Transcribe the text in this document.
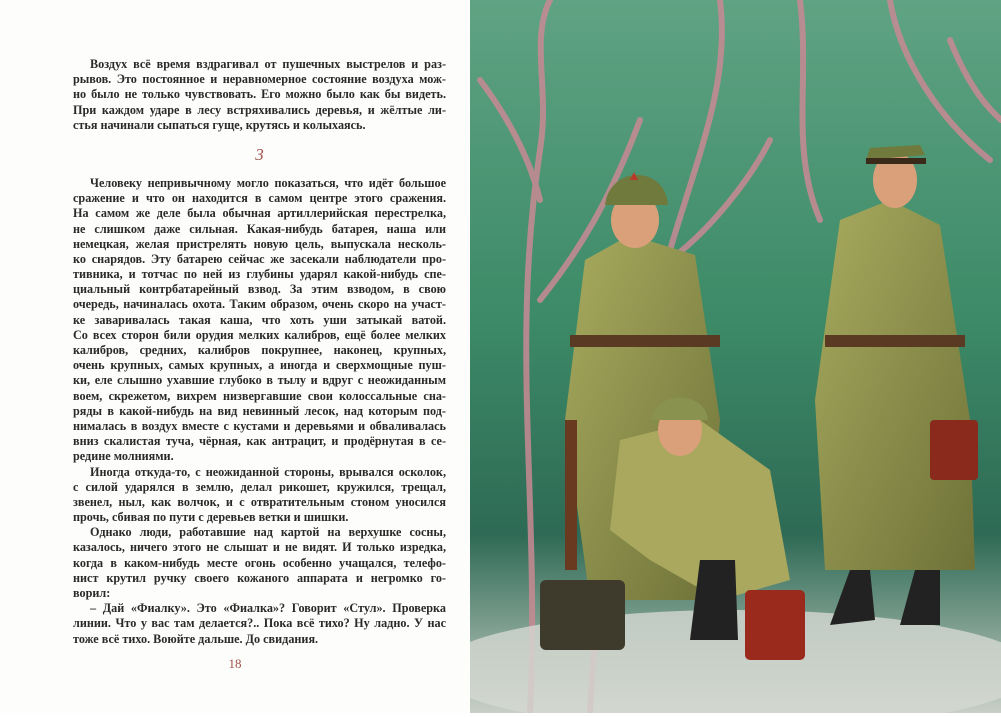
Воздух всё время вздрагивал от пушечных выстрелов и раз-
рывов. Это постоянное и неравномерное состояние воздуха мож-
но было не только чувствовать. Его можно было как бы видеть.
При каждом ударе в лесу встряхивались деревья, и жёлтые ли-
стья начинали сыпаться гуще, крутясь и колыхаясь.
3
Человеку непривычному могло показаться, что идёт большое
сражение и что он находится в самом центре этого сражения.
На самом же деле была обычная артиллерийская перестрелка,
не слишком даже сильная. Какая-нибудь батарея, наша или
немецкая, желая пристрелять новую цель, выпускала несколь-
ко снарядов. Эту батарею сейчас же засекали наблюдатели про-
тивника, и тотчас по ней из глубины ударял какой-нибудь спе-
циальный контрбатарейный взвод. За этим взводом, в свою
очередь, начиналась охота. Таким образом, очень скоро на участ-
ке заваривалась такая каша, что хоть уши затыкай ватой.
Со всех сторон били орудия мелких калибров, ещё более мелких
калибров, средних, калибров покрупнее, наконец, крупных,
очень крупных, самых крупных, а иногда и сверхмощные пуш-
ки, еле слышно ухавшие глубоко в тылу и вдруг с неожиданным
воем, скрежетом, вихрем низвергавшие свои колоссальные сна-
ряды в какой-нибудь на вид невинный лесок, над которым под-
нималась в воздух вместе с кустами и деревьями и обваливалась
вниз скалистая туча, чёрная, как антрацит, и продёрнутая в се-
редине молниями.
Иногда откуда-то, с неожиданной стороны, врывался осколок,
с силой ударялся в землю, делал рикошет, кружился, трещал,
звенел, ныл, как волчок, и с отвратительным стоном уносился
прочь, сбивая по пути с деревьев ветки и шишки.
Однако люди, работавшие над картой на верхушке сосны,
казалось, ничего этого не слышат и не видят. И только изредка,
когда в каком-нибудь месте огонь особенно учащался, телефо-
нист крутил ручку своего кожаного аппарата и негромко го-
ворил:
– Дай «Фиалку». Это «Фиалка»? Говорит «Стул». Проверка
линии. Что у вас там делается?.. Пока всё тихо? Ну ладно. У нас
тоже всё тихо. Воюйте дальше. До свидания.
18
